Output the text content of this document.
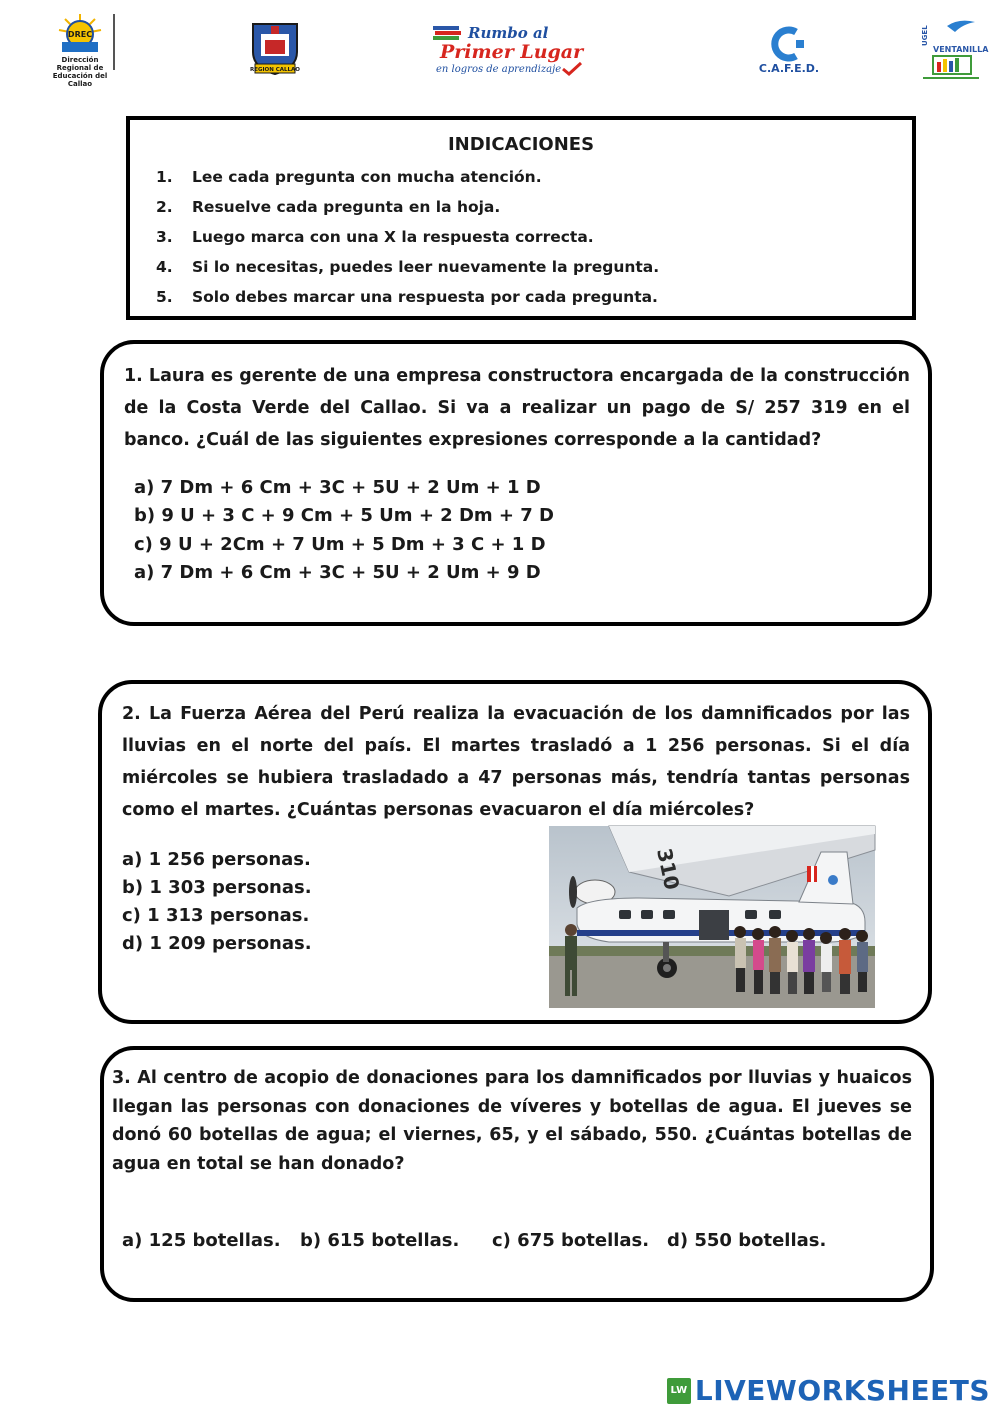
DREC
Dirección Regional de
Educación del Callao
REGION CALLAO
Rumbo al
Primer Lugar
en logros de aprendizaje	C.A.F.E.D.
UGEL
VENTANILLA
INDICACIONES
1. Lee cada pregunta con mucha atención.
2. Resuelve cada pregunta en la hoja.
3. Luego marca con una X la respuesta correcta.
4. Si lo necesitas, puedes leer nuevamente la pregunta.
5. Solo debes marcar una respuesta por cada pregunta.
1. Laura es gerente de una empresa constructora encargada de la construcción de la Costa Verde del Callao. Si va a realizar un pago de S/ 257 319 en el banco. ¿Cuál de las siguientes expresiones corresponde a la cantidad?
a) 7 Dm + 6 Cm + 3C + 5U + 2 Um + 1 D
b) 9 U + 3 C + 9 Cm + 5 Um + 2 Dm + 7 D
c) 9 U + 2Cm + 7 Um + 5 Dm + 3 C + 1 D
a) 7 Dm + 6 Cm + 3C + 5U + 2 Um + 9 D
2. La Fuerza Aérea del Perú realiza la evacuación de los damnificados por las lluvias en el norte del país. El martes trasladó a 1 256 personas. Si el día miércoles se hubiera trasladado a 47 personas más, tendría tantas personas como el martes. ¿Cuántas personas evacuaron el día miércoles?
a) 1 256 personas.
b) 1 303 personas.
c) 1 313 personas.
d) 1 209 personas.
310
3. Al centro de acopio de donaciones para los damnificados por lluvias y huaicos llegan las personas con donaciones de víveres y botellas de agua. El jueves se donó 60 botellas de agua; el viernes, 65, y el sábado, 550. ¿Cuántas botellas de agua en total se han donado?
a) 125 botellas. b) 615 botellas. c) 675 botellas. d) 550 botellas.
LW LIVEWORKSHEETS
